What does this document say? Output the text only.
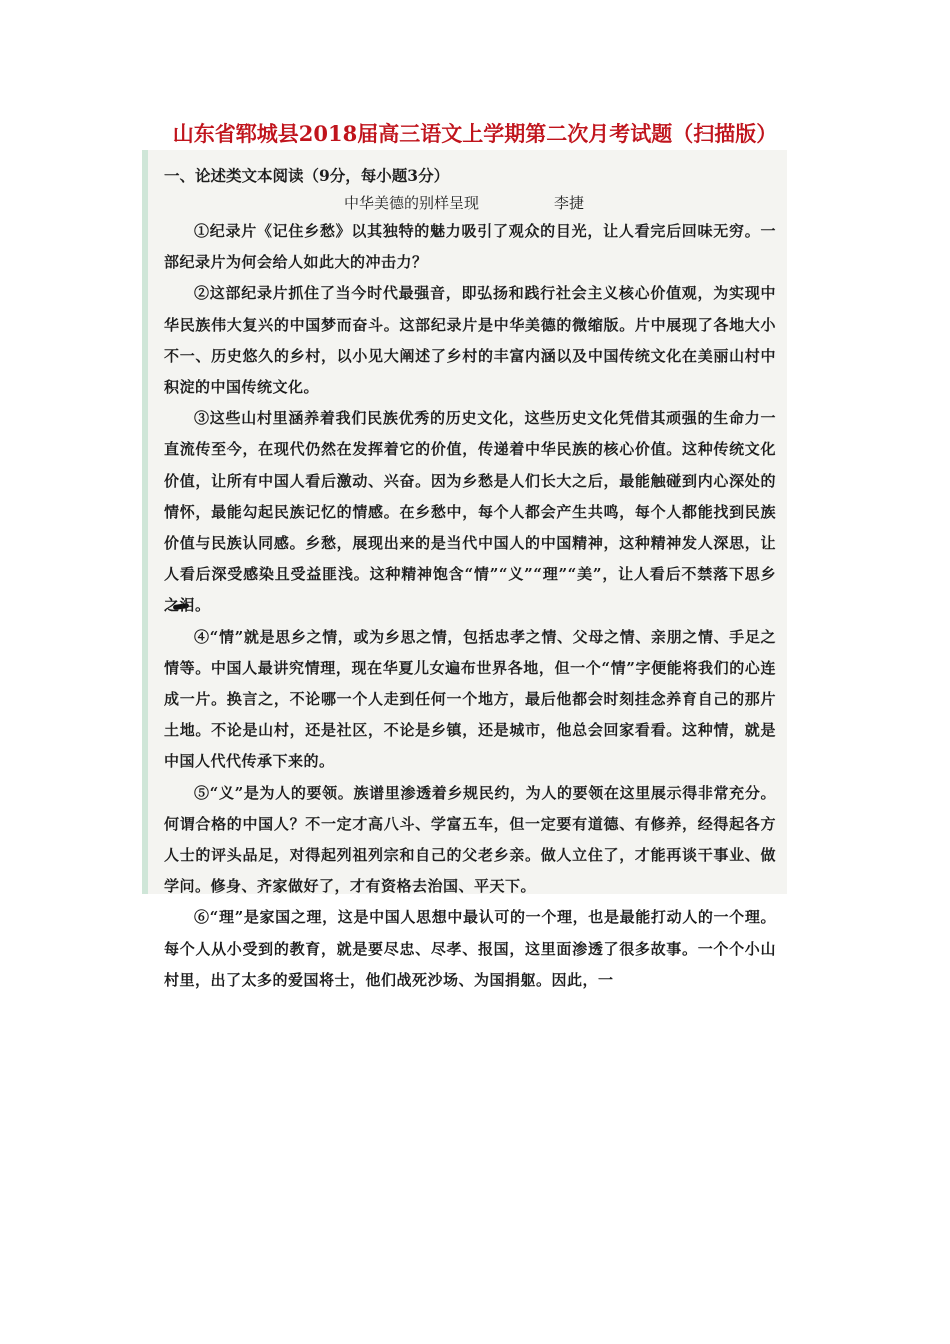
山东省郓城县2018届高三语文上学期第二次月考试题（扫描版）
一、论述类文本阅读（9分，每小题3分）
中华美德的别样呈现	李捷

①纪录片《记住乡愁》以其独特的魅力吸引了观众的目光，让人看完后回味无穷。一部纪录片为何会给人如此大的冲击力？

②这部纪录片抓住了当今时代最强音，即弘扬和践行社会主义核心价值观，为实现中华民族伟大复兴的中国梦而奋斗。这部纪录片是中华美德的微缩版。片中展现了各地大小不一、历史悠久的乡村，以小见大阐述了乡村的丰富内涵以及中国传统文化在美丽山村中积淀的中国传统文化。

③这些山村里涵养着我们民族优秀的历史文化，这些历史文化凭借其顽强的生命力一直流传至今，在现代仍然在发挥着它的价值，传递着中华民族的核心价值。这种传统文化价值，让所有中国人看后激动、兴奋。因为乡愁是人们长大之后，最能触碰到内心深处的情怀，最能勾起民族记忆的情感。在乡愁中，每个人都会产生共鸣，每个人都能找到民族价值与民族认同感。乡愁，展现出来的是当代中国人的中国精神，这种精神发人深思，让人看后深受感染且受益匪浅。这种精神饱含“情”“义”“理”“美”，让人看后不禁落下思乡之泪。

④“情”就是思乡之情，或为乡思之情，包括忠孝之情、父母之情、亲朋之情、手足之情等。中国人最讲究情理，现在华夏儿女遍布世界各地，但一个“情”字便能将我们的心连成一片。换言之，不论哪一个人走到任何一个地方，最后他都会时刻挂念养育自己的那片土地。不论是山村，还是社区，不论是乡镇，还是城市，他总会回家看看。这种情，就是中国人代代传承下来的。

⑤“义”是为人的要领。族谱里渗透着乡规民约，为人的要领在这里展示得非常充分。何谓合格的中国人？不一定才高八斗、学富五车，但一定要有道德、有修养，经得起各方人士的评头品足，对得起列祖列宗和自己的父老乡亲。做人立住了，才能再谈干事业、做学问。修身、齐家做好了，才有资格去治国、平天下。

⑥“理”是家国之理，这是中国人思想中最认可的一个理，也是最能打动人的一个理。每个人从小受到的教育，就是要尽忠、尽孝、报国，这里面渗透了很多故事。一个个小山村里，出了太多的爱国将士，他们战死沙场、为国捐躯。因此，一
